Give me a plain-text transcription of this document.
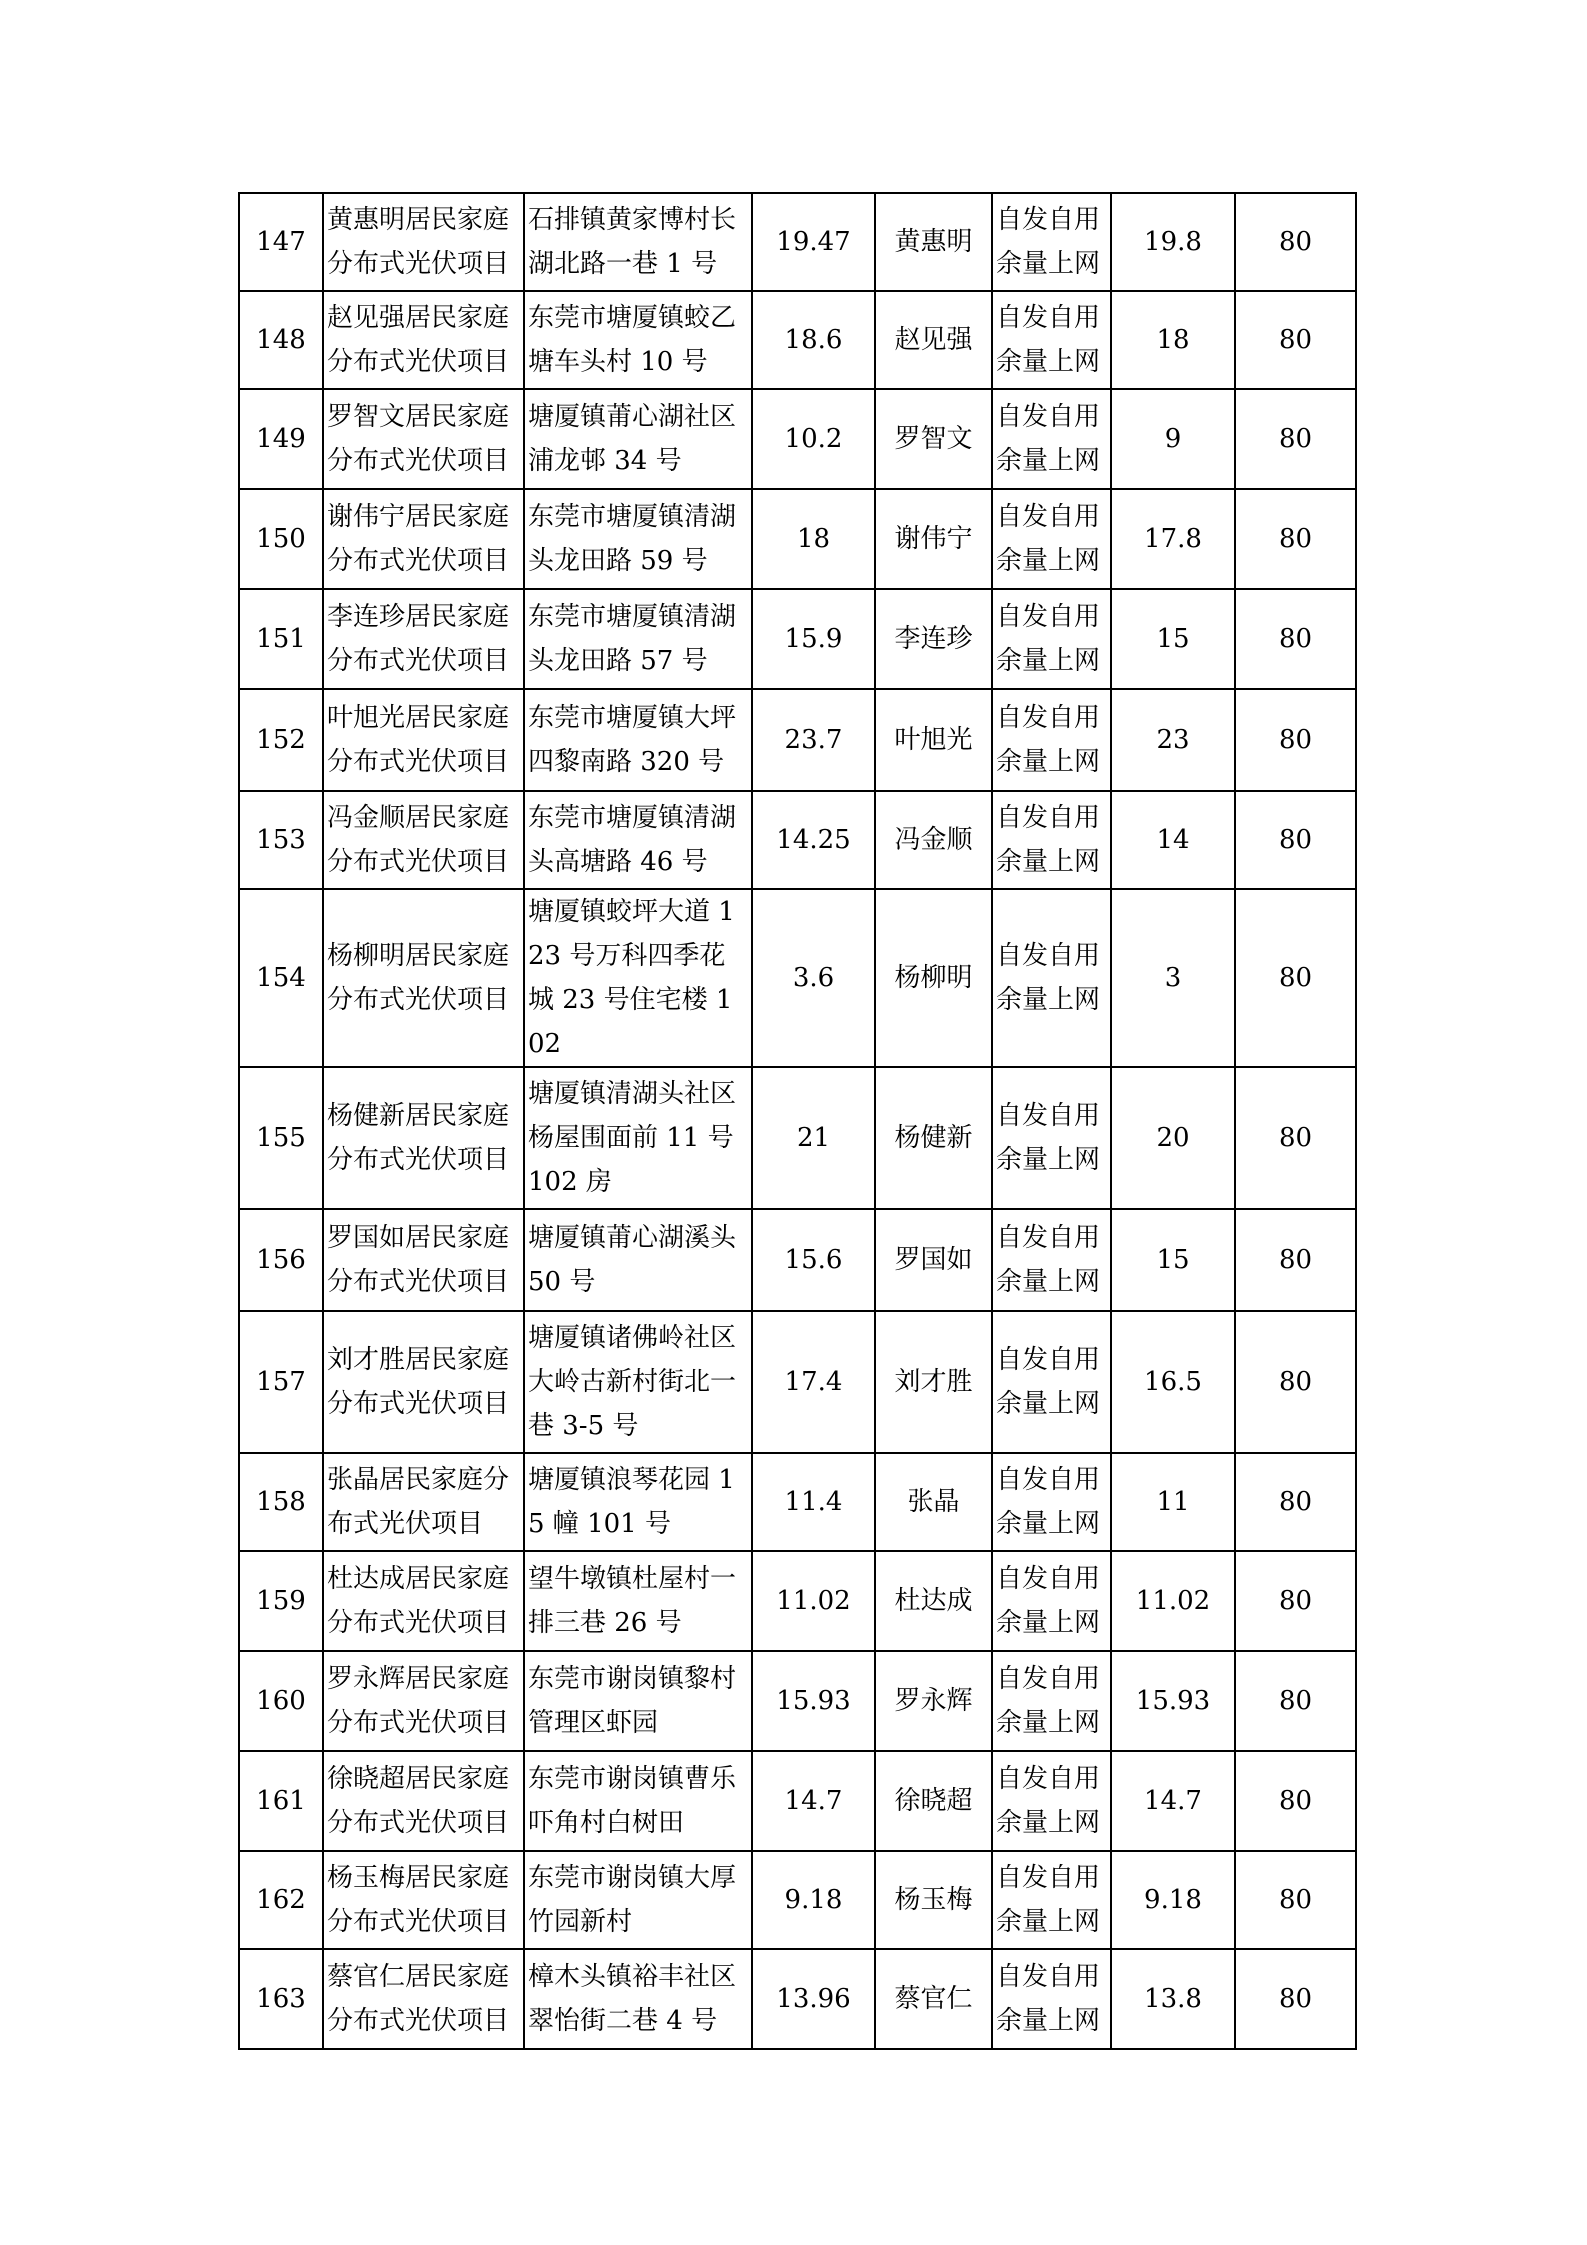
147	黄惠明居民家庭分布式光伏项目	石排镇黄家博村长湖北路一巷 1 号	19.47	黄惠明	自发自用余量上网	19.8	80
148	赵见强居民家庭分布式光伏项目	东莞市塘厦镇蛟乙塘车头村 10 号	18.6	赵见强	自发自用余量上网	18	80
149	罗智文居民家庭分布式光伏项目	塘厦镇莆心湖社区浦龙邨 34 号	10.2	罗智文	自发自用余量上网	9	80
150	谢伟宁居民家庭分布式光伏项目	东莞市塘厦镇清湖头龙田路 59 号	18	谢伟宁	自发自用余量上网	17.8	80
151	李连珍居民家庭分布式光伏项目	东莞市塘厦镇清湖头龙田路 57 号	15.9	李连珍	自发自用余量上网	15	80
152	叶旭光居民家庭分布式光伏项目	东莞市塘厦镇大坪四黎南路 320 号	23.7	叶旭光	自发自用余量上网	23	80
153	冯金顺居民家庭分布式光伏项目	东莞市塘厦镇清湖头高塘路 46 号	14.25	冯金顺	自发自用余量上网	14	80
154	杨柳明居民家庭分布式光伏项目	塘厦镇蛟坪大道 123 号万科四季花城 23 号住宅楼 102	3.6	杨柳明	自发自用余量上网	3	80
155	杨健新居民家庭分布式光伏项目	塘厦镇清湖头社区杨屋围面前 11 号 102 房	21	杨健新	自发自用余量上网	20	80
156	罗国如居民家庭分布式光伏项目	塘厦镇莆心湖溪头 50 号	15.6	罗国如	自发自用余量上网	15	80
157	刘才胜居民家庭分布式光伏项目	塘厦镇诸佛岭社区大岭古新村街北一巷 3-5 号	17.4	刘才胜	自发自用余量上网	16.5	80
158	张晶居民家庭分布式光伏项目	塘厦镇浪琴花园 15 幢 101 号	11.4	张晶	自发自用余量上网	11	80
159	杜达成居民家庭分布式光伏项目	望牛墩镇杜屋村一排三巷 26 号	11.02	杜达成	自发自用余量上网	11.02	80
160	罗永辉居民家庭分布式光伏项目	东莞市谢岗镇黎村管理区虾园	15.93	罗永辉	自发自用余量上网	15.93	80
161	徐晓超居民家庭分布式光伏项目	东莞市谢岗镇曹乐吓角村白树田	14.7	徐晓超	自发自用余量上网	14.7	80
162	杨玉梅居民家庭分布式光伏项目	东莞市谢岗镇大厚竹园新村	9.18	杨玉梅	自发自用余量上网	9.18	80
163	蔡官仁居民家庭分布式光伏项目	樟木头镇裕丰社区翠怡街二巷 4 号	13.96	蔡官仁	自发自用余量上网	13.8	80
